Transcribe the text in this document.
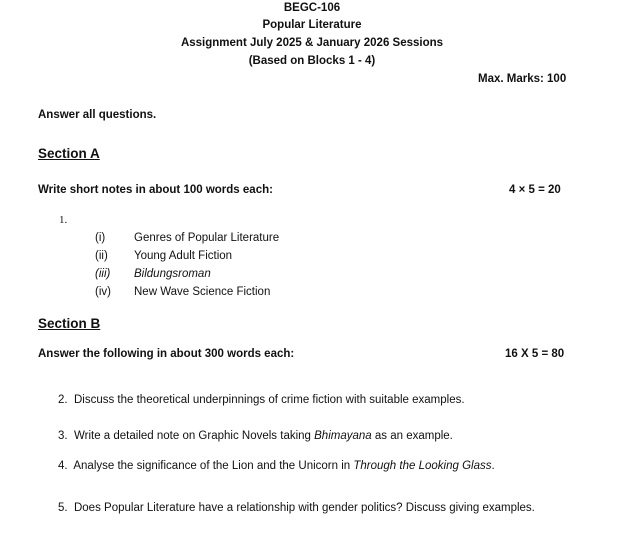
BEGC-106
Popular Literature
Assignment July 2025 & January 2026 Sessions
(Based on Blocks 1 - 4)
Max. Marks: 100
Answer all questions.
Section A
Write short notes in about 100 words each:	4 × 5 = 20
1.
(i)	Genres of Popular Literature
(ii) Young Adult Fiction
(iii) Bildungsroman
(iv) New Wave Science Fiction
Section B
Answer the following in about 300 words each:	16 X 5 = 80
2. Discuss the theoretical underpinnings of crime fiction with suitable examples.
3. Write a detailed note on Graphic Novels taking Bhimayana as an example.
4. Analyse the significance of the Lion and the Unicorn in Through the Looking Glass.
5. Does Popular Literature have a relationship with gender politics? Discuss giving examples.
